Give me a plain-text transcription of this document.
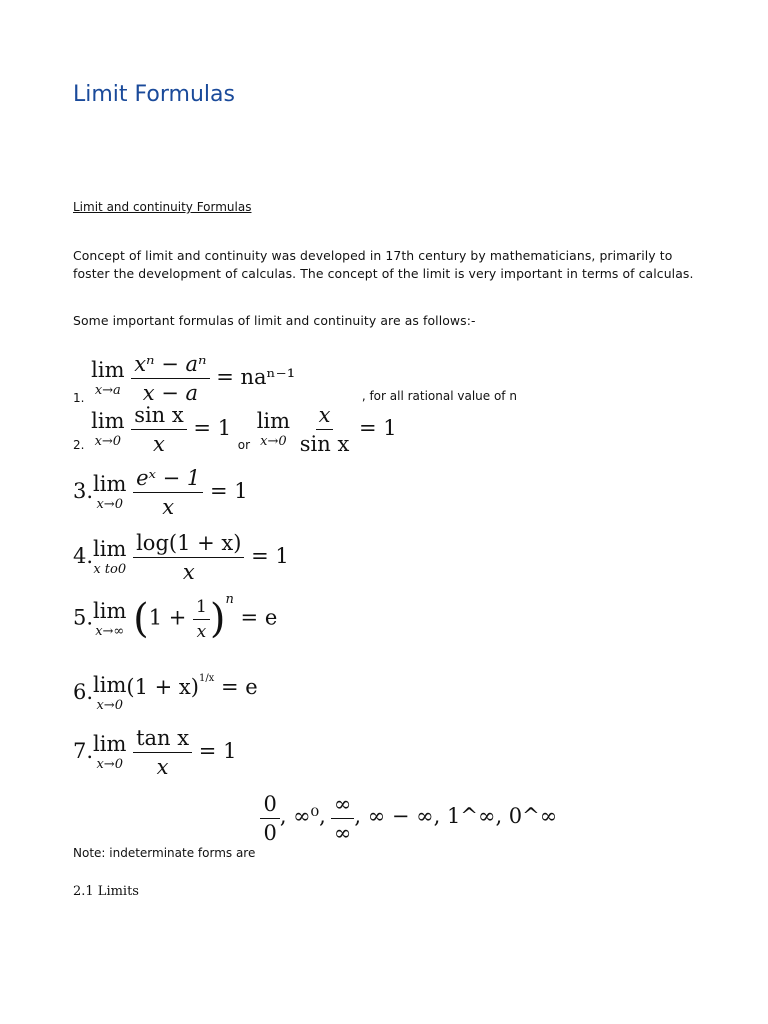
Limit Formulas
Limit and continuity Formulas
Concept of limit and continuity was developed in 17th century by mathematicians, primarily to
foster the development of calculas. The concept of the limit is very important in terms of calculas.
Some important formulas of limit and continuity are as follows:-
$_{1.}$
lim
x→a
$\frac{\text{xⁿ − aⁿ}}{x - a} = na^{n-1}$ $_{, for all rational value of n}$
$_{2.}$
lim
x→0
$\frac{\text{sin x}}{x} = 1$ $_{or}$
lim
x→0
$\frac{x}{\text{sin x}} = 1$
3. lim
x→0
$\frac{\text{eˣ − 1}}{x} = 1$
4. lim
x to0
$\frac{\log(1 + x)}{x} = 1$
5. lim
x→∞ $(1 + \frac{1}{x} )^n = e$
6. lim
x→0
$(1 + x)^{1/x} = e$
7. lim
x→0
$\frac{\text{tan x}}{x} = 1$
$_{Note: indeterminate forms are}$
$\frac{0}{0}$ , ∞⁰, $\frac{\infty}{\infty}$ , ∞ − ∞, 1^∞, 0^∞
2.1 Limits
